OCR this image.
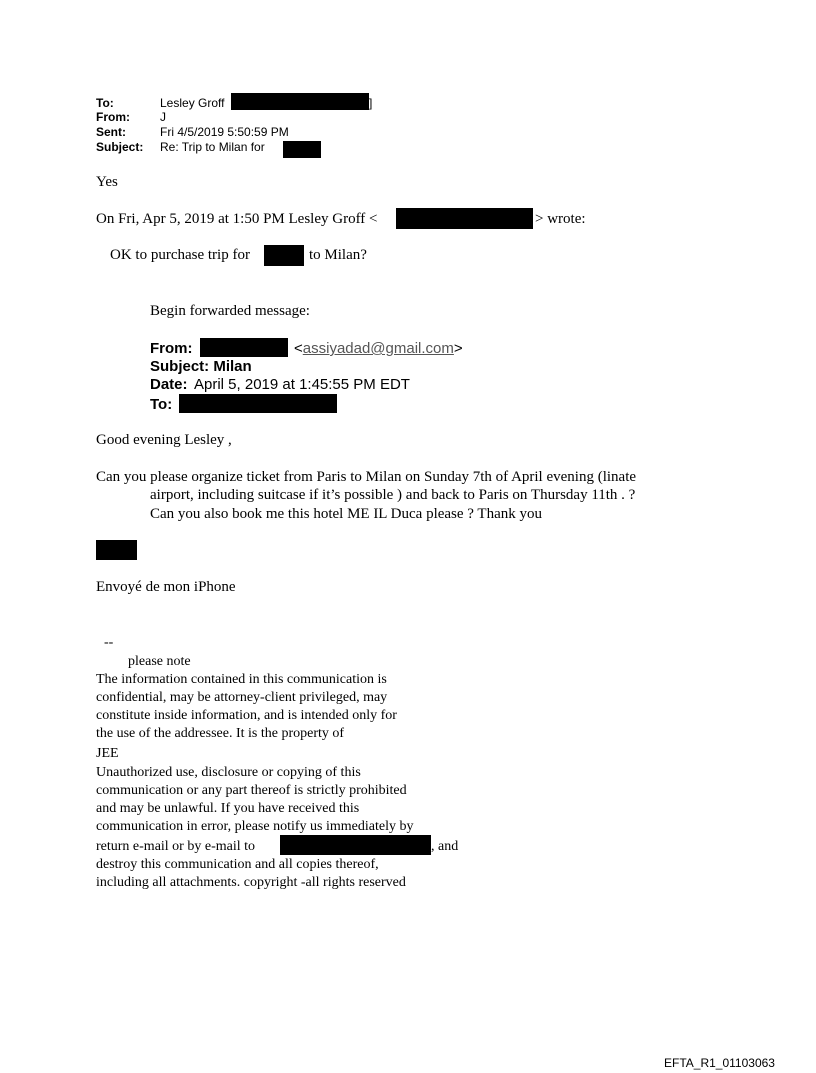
To:	Lesley Groff	]
From:	J
Sent:	Fri 4/5/2019 5:50:59 PM
Subject: Re: Trip to Milan for
Yes
On Fri, Apr 5, 2019 at 1:50 PM Lesley Groff <	> wrote:
OK to purchase trip for	to Milan?
Begin forwarded message:
From:	<assiyadad@gmail.com>
Subject: Milan
Date: April 5, 2019 at 1:45:55 PM EDT
To:
Good evening Lesley ,
Can you please organize ticket from Paris to Milan on Sunday 7th of April evening (linate
airport, including suitcase if it’s possible ) and back to Paris on Thursday 11th . ?
Can you also book me this hotel ME IL Duca please ? Thank you
Envoyé de mon iPhone
--
please note
The information contained in this communication is
confidential, may be attorney-client privileged, may
constitute inside information, and is intended only for
the use of the addressee. It is the property of
JEE
Unauthorized use, disclosure or copying of this
communication or any part thereof is strictly prohibited
and may be unlawful. If you have received this
communication in error, please notify us immediately by
return e-mail or by e-mail to	, and
destroy this communication and all copies thereof,
including all attachments. copyright -all rights reserved
EFTA_R1_01103063
